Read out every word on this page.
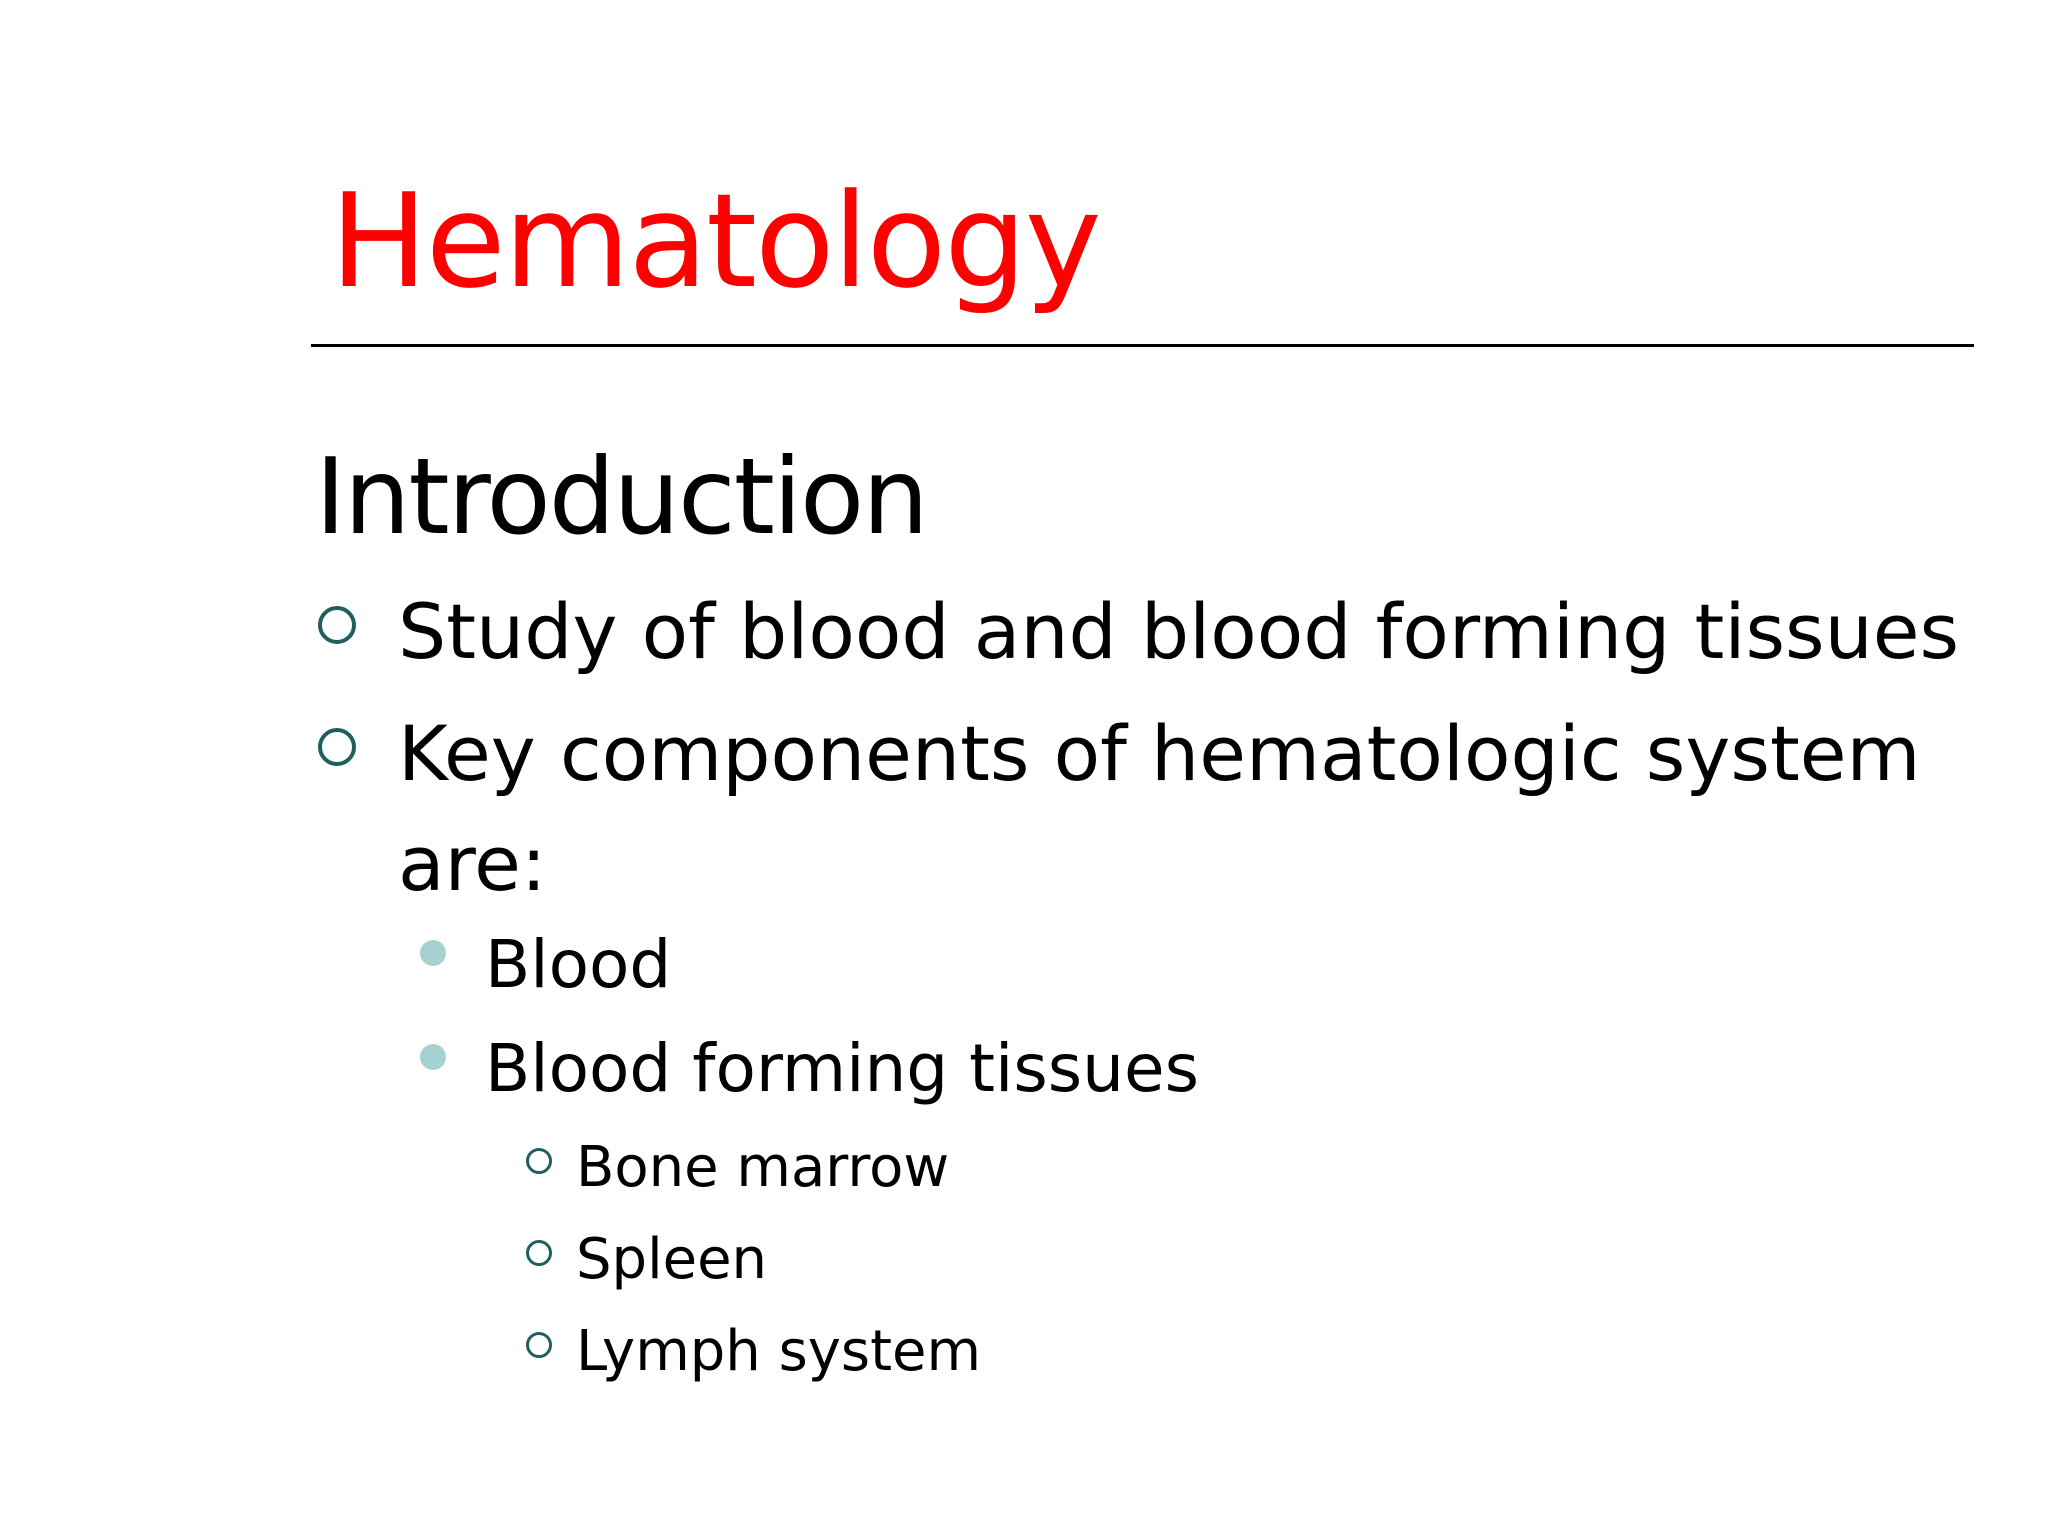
Hematology
Introduction
Study of blood and blood forming tissues
Key components of hematologic system
are:
Blood
Blood forming tissues
Bone marrow
Spleen
Lymph system
